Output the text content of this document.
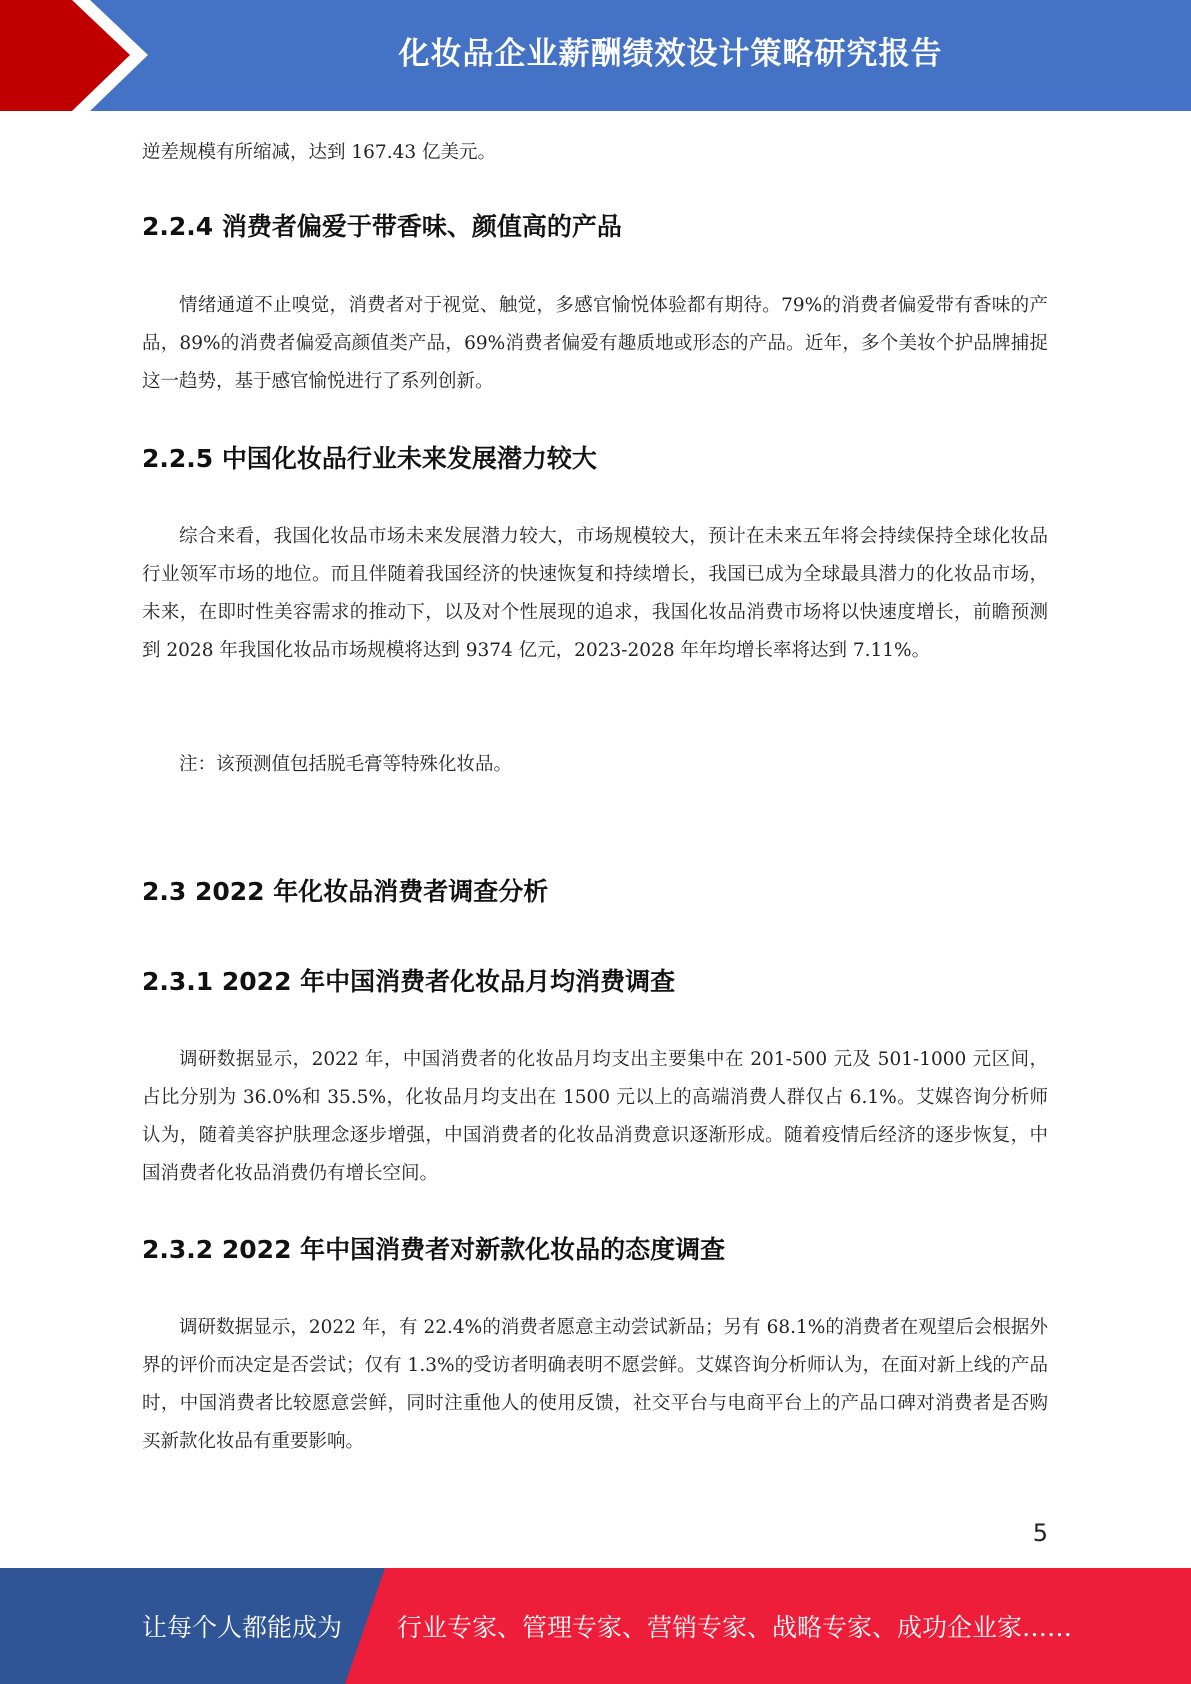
化妆品企业薪酬绩效设计策略研究报告

逆差规模有所缩减，达到 167.43 亿美元。

2.2.4 消费者偏爱于带香味、颜值高的产品

情绪通道不止嗅觉，消费者对于视觉、触觉，多感官愉悦体验都有期待。79%的消费者偏爱带有香味的产品，89%的消费者偏爱高颜值类产品，69%消费者偏爱有趣质地或形态的产品。近年，多个美妆个护品牌捕捉这一趋势，基于感官愉悦进行了系列创新。

2.2.5 中国化妆品行业未来发展潜力较大

综合来看，我国化妆品市场未来发展潜力较大，市场规模较大，预计在未来五年将会持续保持全球化妆品行业领军市场的地位。而且伴随着我国经济的快速恢复和持续增长，我国已成为全球最具潜力的化妆品市场，未来，在即时性美容需求的推动下，以及对个性展现的追求，我国化妆品消费市场将以快速度增长，前瞻预测到 2028 年我国化妆品市场规模将达到 9374 亿元，2023-2028 年年均增长率将达到 7.11%。

注：该预测值包括脱毛膏等特殊化妆品。

2.3 2022 年化妆品消费者调查分析
2.3.1 2022 年中国消费者化妆品月均消费调查

调研数据显示，2022 年，中国消费者的化妆品月均支出主要集中在 201-500 元及 501-1000 元区间，占比分别为 36.0%和 35.5%，化妆品月均支出在 1500 元以上的高端消费人群仅占 6.1%。艾媒咨询分析师认为，随着美容护肤理念逐步增强，中国消费者的化妆品消费意识逐渐形成。随着疫情后经济的逐步恢复，中国消费者化妆品消费仍有增长空间。

2.3.2 2022 年中国消费者对新款化妆品的态度调查

调研数据显示，2022 年，有 22.4%的消费者愿意主动尝试新品；另有 68.1%的消费者在观望后会根据外界的评价而决定是否尝试；仅有 1.3%的受访者明确表明不愿尝鲜。艾媒咨询分析师认为，在面对新上线的产品时，中国消费者比较愿意尝鲜，同时注重他人的使用反馈，社交平台与电商平台上的产品口碑对消费者是否购买新款化妆品有重要影响。

5
让每个人都能成为 行业专家、管理专家、营销专家、战略专家、成功企业家……
